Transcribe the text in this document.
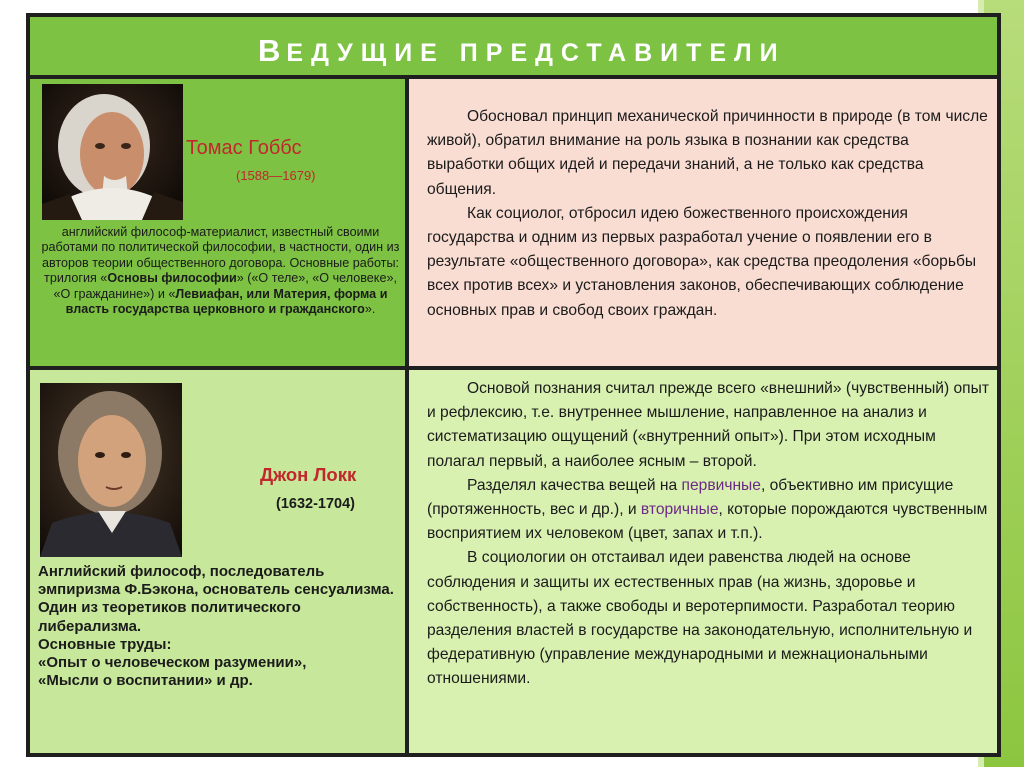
ВЕДУЩИЕ ПРЕДСТАВИТЕЛИ
Томас Гоббс
(1588—1679)
английский философ-материалист, известный своими работами по политической философии, в частности, один из авторов теории общественного договора. Основные работы: трилогия «Основы философии» («О теле», «О человеке», «О гражданине») и «Левиафан, или Материя, форма и власть государства церковного и гражданского».

Обосновал принцип механической причинности в природе (в том числе живой), обратил внимание на роль языка в познании как средства выработки общих идей и передачи знаний, а не только как средства общения.

Как социолог, отбросил идею божественного происхождения государства и одним из первых разработал учение о появлении его в результате «общественного договора», как средства преодоления «борьбы всех против всех» и установления законов, обеспечивающих соблюдение основных прав и свобод своих граждан.

Джон Локк
(1632-1704)
Английский философ, последователь эмпиризма Ф.Бэкона, основатель сенсуализма. Один из теоретиков политического либерализма.
Основные труды:
«Опыт о человеческом разумении»,
«Мысли о воспитании» и др.

Основой познания считал прежде всего «внешний» (чувственный) опыт и рефлексию, т.е. внутреннее мышление, направленное на анализ и систематизацию ощущений («внутренний опыт»). При этом исходным полагал первый, а наиболее ясным – второй.

Разделял качества вещей на первичные, объективно им присущие (протяженность, вес и др.), и вторичные, которые порождаются чувственным восприятием их человеком (цвет, запах и т.п.).

В социологии он отстаивал идеи равенства людей на основе соблюдения и защиты их естественных прав (на жизнь, здоровье и собственность), а также свободы и веротерпимости. Разработал теорию разделения властей в государстве на законодательную, исполнительную и федеративную (управление международными и межнациональными отношениями.
